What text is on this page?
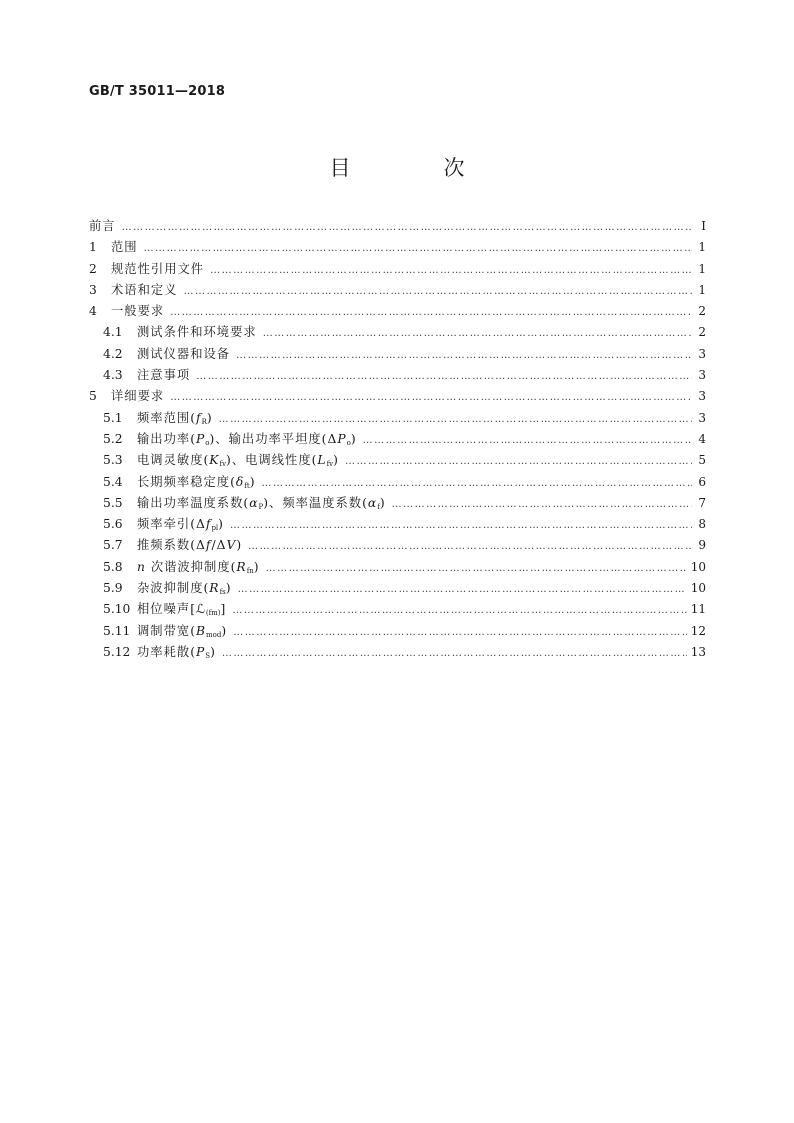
GB/T 35011—2018
目　次
前言 ……………………………………………………………………………………………………………………………………………………………………………	Ⅰ
1	范围 ……………………………………………………………………………………………………………………………………………………………………………	1
2	规范性引用文件 ……………………………………………………………………………………………………………………………………………………………………………	1
3	术语和定义 ……………………………………………………………………………………………………………………………………………………………………………	1
4	一般要求 ……………………………………………………………………………………………………………………………………………………………………………	2
4.1	测试条件和环境要求 ……………………………………………………………………………………………………………………………………………………………………………	2
4.2	测试仪器和设备 ……………………………………………………………………………………………………………………………………………………………………………	3
4.3	注意事项 ……………………………………………………………………………………………………………………………………………………………………………	3
5	详细要求 ……………………………………………………………………………………………………………………………………………………………………………	3
5.1	频率范围$(f_R)$ ……………………………………………………………………………………………………………………………………………………………………………	3
5.2	输出功率$(P_o)$、输出功率平坦度$(\Delta P_o)$ ……………………………………………………………………………………………………………………………………………………………………………	4
5.3	电调灵敏度$(K_{fv})$、电调线性度$(L_{fv})$ ……………………………………………………………………………………………………………………………………………………………………………	5
5.4	长期频率稳定度$(\delta_{ft})$ ……………………………………………………………………………………………………………………………………………………………………………	6
5.5	输出功率温度系数$(\alpha_P)$、频率温度系数$(\alpha_f)$ ……………………………………………………………………………………………………………………………………………………………………………	7
5.6	频率牵引$(\Delta f_{pl})$ ……………………………………………………………………………………………………………………………………………………………………………	8
5.7	推频系数(Δf/ΔV) ……………………………………………………………………………………………………………………………………………………………………………	9
5.8	n 次谐波抑制度$(R_{fn})$ ……………………………………………………………………………………………………………………………………………………………………………	10
5.9	杂波抑制度$(R_{fs})$ ……………………………………………………………………………………………………………………………………………………………………………	10
5.10 相位噪声[ℒ$_{(fm)}$] ……………………………………………………………………………………………………………………………………………………………………………	11
5.11 调制带宽$(B_{mod})$ ……………………………………………………………………………………………………………………………………………………………………………	12
5.12 功率耗散$(P_S)$ ……………………………………………………………………………………………………………………………………………………………………………	13
